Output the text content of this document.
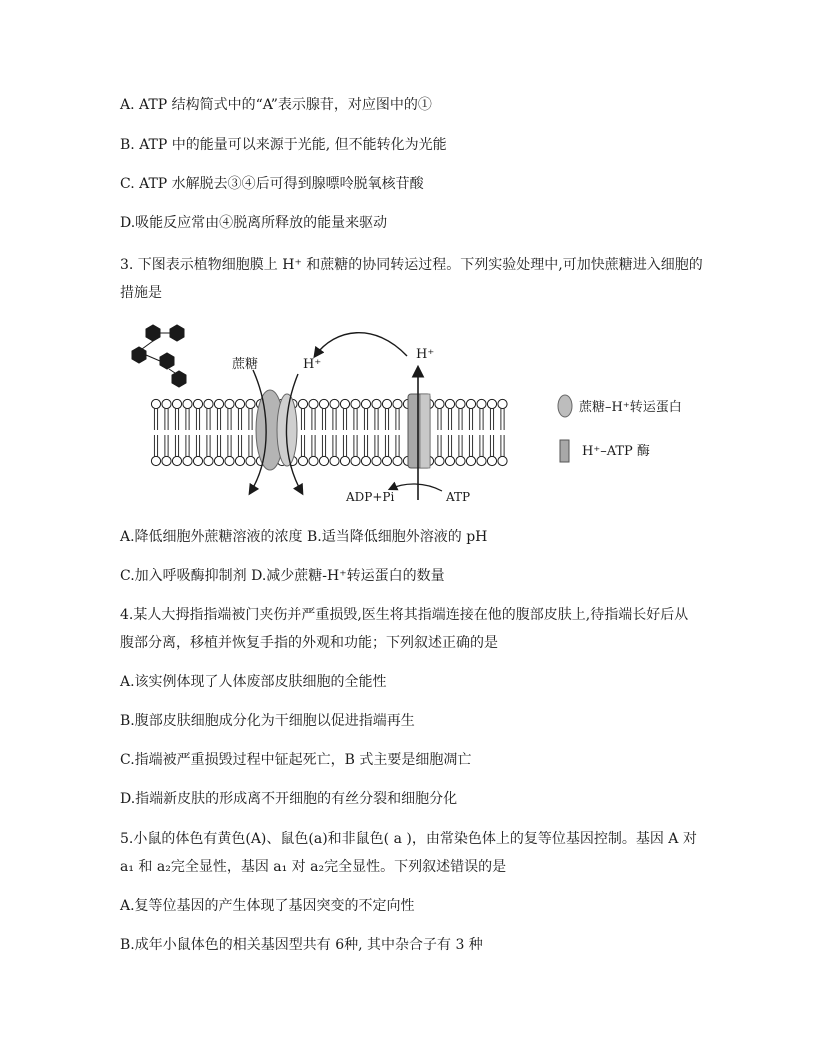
A. ATP 结构简式中的“A”表示腺苷，对应图中的①
B. ATP 中的能量可以来源于光能, 但不能转化为光能
C. ATP 水解脱去③④后可得到腺嘌呤脱氧核苷酸
D.吸能反应常由④脱离所释放的能量来驱动
3. 下图表示植物细胞膜上 H⁺ 和蔗糖的协同转运过程。下列实验处理中,可加快蔗糖进入细胞的
措施是
蔗糖	H⁺
H⁺
ADP+Pi	ATP
蔗糖–H⁺转运蛋白
H⁺–ATP 酶
A.降低细胞外蔗糖溶液的浓度 B.适当降低细胞外溶液的 pH
C.加入呼吸酶抑制剂 D.减少蔗糖-H⁺转运蛋白的数量
4.某人大拇指指端被门夹伤并严重损毁,医生将其指端连接在他的腹部皮肤上,待指端长好后从
腹部分离，移植并恢复手指的外观和功能；下列叙述正确的是
A.该实例体现了人体废部皮肤细胞的全能性
B.腹部皮肤细胞成分化为干细胞以促进指端再生
C.指端被严重损毁过程中钲起死亡，B 式主要是细胞凋亡
D.指端新皮肤的形成离不开细胞的有丝分裂和细胞分化
5.小鼠的体色有黄色(A)、鼠色(a)和非鼠色( a )，由常染色体上的复等位基因控制。基因 A 对
a₁ 和 a₂完全显性，基因 a₁ 对 a₂完全显性。下列叙述错误的是
A.复等位基因的产生体现了基因突变的不定向性
B.成年小鼠体色的相关基因型共有 6种, 其中杂合子有 3 种
